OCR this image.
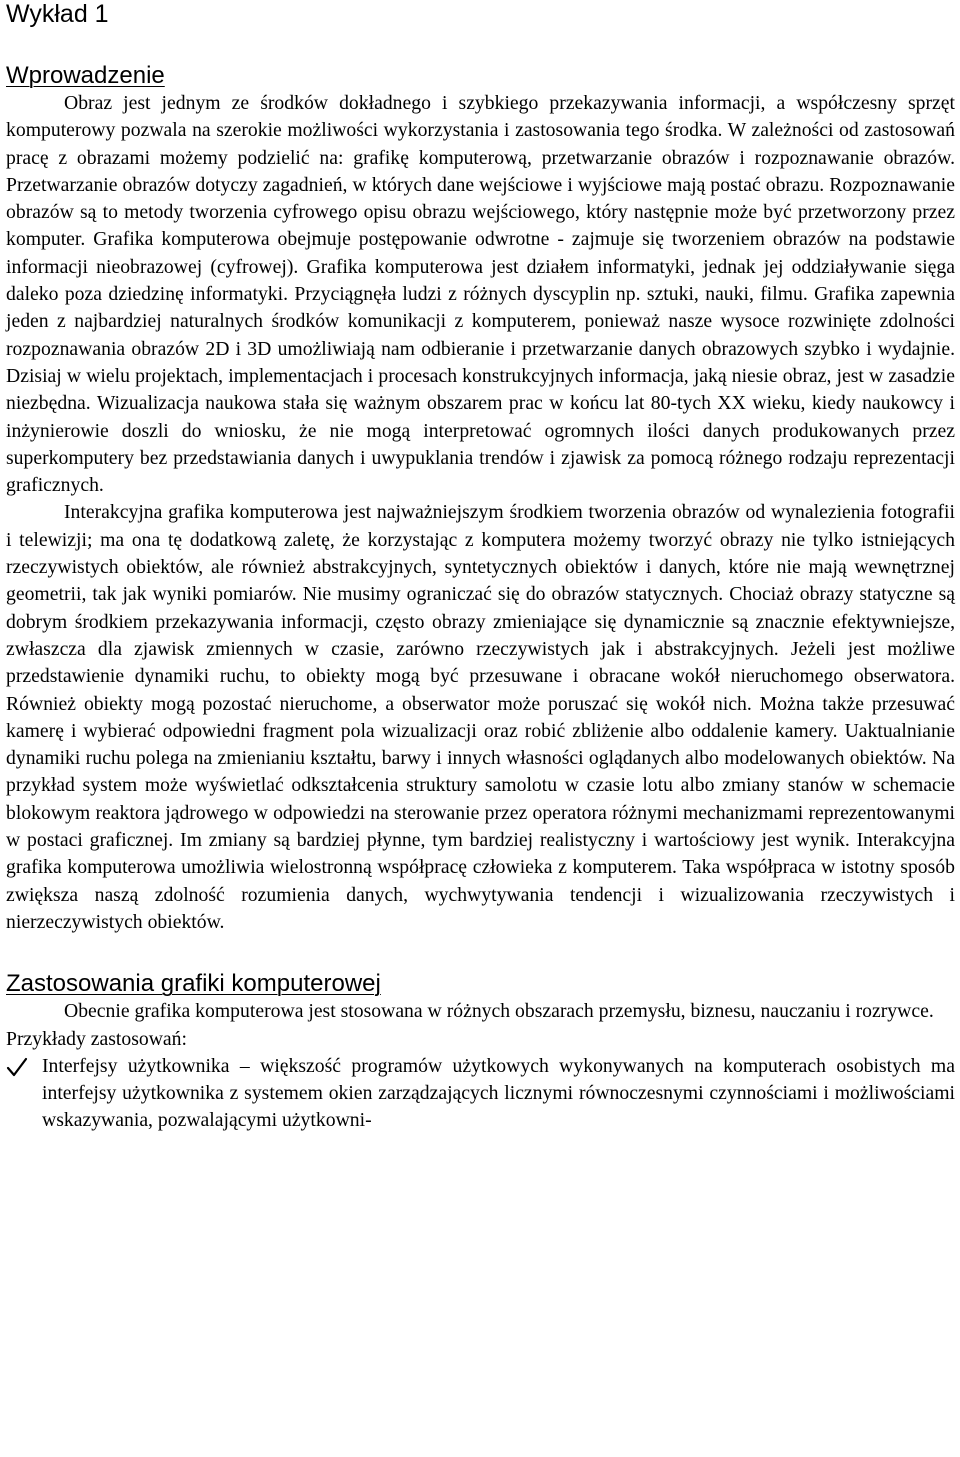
Wykład 1
Wprowadzenie

Obraz jest jednym ze środków dokładnego i szybkiego przekazywania informacji, a współczesny sprzęt komputerowy pozwala na szerokie możliwości wykorzystania i zastosowania tego środka. W zależności od zastosowań pracę z obrazami możemy podzielić na: grafikę komputerową, przetwarzanie obrazów i rozpoznawanie obrazów. Przetwarzanie obrazów dotyczy zagadnień, w których dane wejściowe i wyjściowe mają postać obrazu. Rozpoznawanie obrazów są to metody tworzenia cyfrowego opisu obrazu wejściowego, który następnie może być przetworzony przez komputer. Grafika komputerowa obejmuje postępowanie odwrotne - zajmuje się tworzeniem obrazów na podstawie informacji nieobrazowej (cyfrowej). Grafika komputerowa jest działem informatyki, jednak jej oddziaływanie sięga daleko poza dziedzinę informatyki. Przyciągnęła ludzi z różnych dyscyplin np. sztuki, nauki, filmu. Grafika zapewnia jeden z najbardziej naturalnych środków komunikacji z komputerem, ponieważ nasze wysoce rozwinięte zdolności rozpoznawania obrazów 2D i 3D umożliwiają nam odbieranie i przetwarzanie danych obrazowych szybko i wydajnie. Dzisiaj w wielu projektach, implementacjach i procesach konstrukcyjnych informacja, jaką niesie obraz, jest w zasadzie niezbędna. Wizualizacja naukowa stała się ważnym obszarem prac w końcu lat 80-tych XX wieku, kiedy naukowcy i inżynierowie doszli do wniosku, że nie mogą interpretować ogromnych ilości danych produkowanych przez superkomputery bez przedstawiania danych i uwypuklania trendów i zjawisk za pomocą różnego rodzaju reprezentacji graficznych.

Interakcyjna grafika komputerowa jest najważniejszym środkiem tworzenia obrazów od wynalezienia fotografii i telewizji; ma ona tę dodatkową zaletę, że korzystając z komputera możemy tworzyć obrazy nie tylko istniejących rzeczywistych obiektów, ale również abstrakcyjnych, syntetycznych obiektów i danych, które nie mają wewnętrznej geometrii, tak jak wyniki pomiarów. Nie musimy ograniczać się do obrazów statycznych. Chociaż obrazy statyczne są dobrym środkiem przekazywania informacji, często obrazy zmieniające się dynamicznie są znacznie efektywniejsze, zwłaszcza dla zjawisk zmiennych w czasie, zarówno rzeczywistych jak i abstrakcyjnych. Jeżeli jest możliwe przedstawienie dynamiki ruchu, to obiekty mogą być przesuwane i obracane wokół nieruchomego obserwatora. Również obiekty mogą pozostać nieruchome, a obserwator może poruszać się wokół nich. Można także przesuwać kamerę i wybierać odpowiedni fragment pola wizualizacji oraz robić zbliżenie albo oddalenie kamery. Uaktualnianie dynamiki ruchu polega na zmienianiu kształtu, barwy i innych własności oglądanych albo modelowanych obiektów. Na przykład system może wyświetlać odkształcenia struktury samolotu w czasie lotu albo zmiany stanów w schemacie blokowym reaktora jądrowego w odpowiedzi na sterowanie przez operatora różnymi mechanizmami reprezentowanymi w postaci graficznej. Im zmiany są bardziej płynne, tym bardziej realistyczny i wartościowy jest wynik. Interakcyjna grafika komputerowa umożliwia wielostronną współpracę człowieka z komputerem. Taka współpraca w istotny sposób zwiększa naszą zdolność rozumienia danych, wychwytywania tendencji i wizualizowania rzeczywistych i nierzeczywistych obiektów.

Zastosowania grafiki komputerowej

Obecnie grafika komputerowa jest stosowana w różnych obszarach przemysłu, biznesu, nauczaniu i rozrywce.

Przykłady zastosowań:

Interfejsy użytkownika – większość programów użytkowych wykonywanych na komputerach osobistych ma interfejsy użytkownika z systemem okien zarządzających licznymi równoczesnymi czynnościami i możliwościami wskazywania, pozwalającymi użytkowni-
